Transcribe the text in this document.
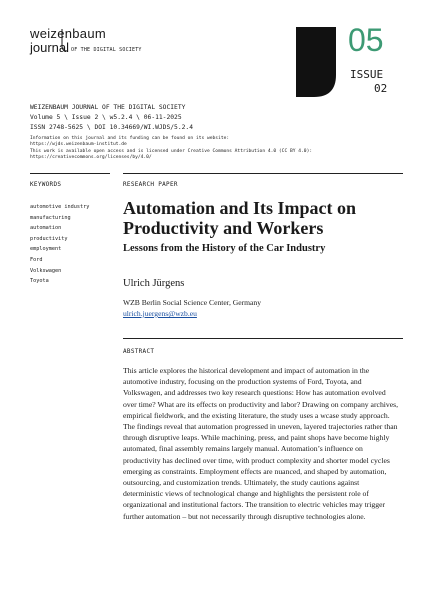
weizenbaum
journal OF THE DIGITAL SOCIETY	05
ISSUE
02
WEIZENBAUM JOURNAL OF THE DIGITAL SOCIETY
Volume 5 \ Issue 2 \ w5.2.4 \ 06-11-2025
ISSN 2748-5625 \ DOI 10.34669/WI.WJDS/5.2.4
Information on this journal and its funding can be found on its website:
https://wjds.weizenbaum-institut.de
This work is available open access and is licensed under Creative Commons Attribution 4.0 (CC BY 4.0):
https://creativecommons.org/licenses/by/4.0/
KEYWORDS
automotive industry
manufacturing
automation
productivity
employment
Ford
Volkswagen
Toyota
RESEARCH PAPER
Automation and Its Impact on Productivity and Workers
Lessons from the History of the Car Industry
Ulrich Jürgens
WZB Berlin Social Science Center, Germany
ulrich.juergens@wzb.eu
ABSTRACT

This article explores the historical development and impact of automation in the automotive industry, focusing on the production systems of Ford, Toyota, and Volkswagen, and addresses two key research questions: How has automation evolved over time? What are its effects on productivity and labor? Drawing on company archives, empirical fieldwork, and the existing literature, the study uses a wcase study approach. The findings reveal that automation progressed in uneven, layered trajectories rather than through disruptive leaps. While machining, press, and paint shops have become highly automated, final assembly remains largely manual. Automation’s influence on productivity has declined over time, with product complexity and shorter model cycles emerging as constraints. Employment effects are nuanced, and shaped by automation, outsourcing, and customization trends. Ultimately, the study cautions against deterministic views of technological change and highlights the persistent role of organizational and institutional factors. The transition to electric vehicles may trigger further automation – but not necessarily through disruptive technologies alone.
